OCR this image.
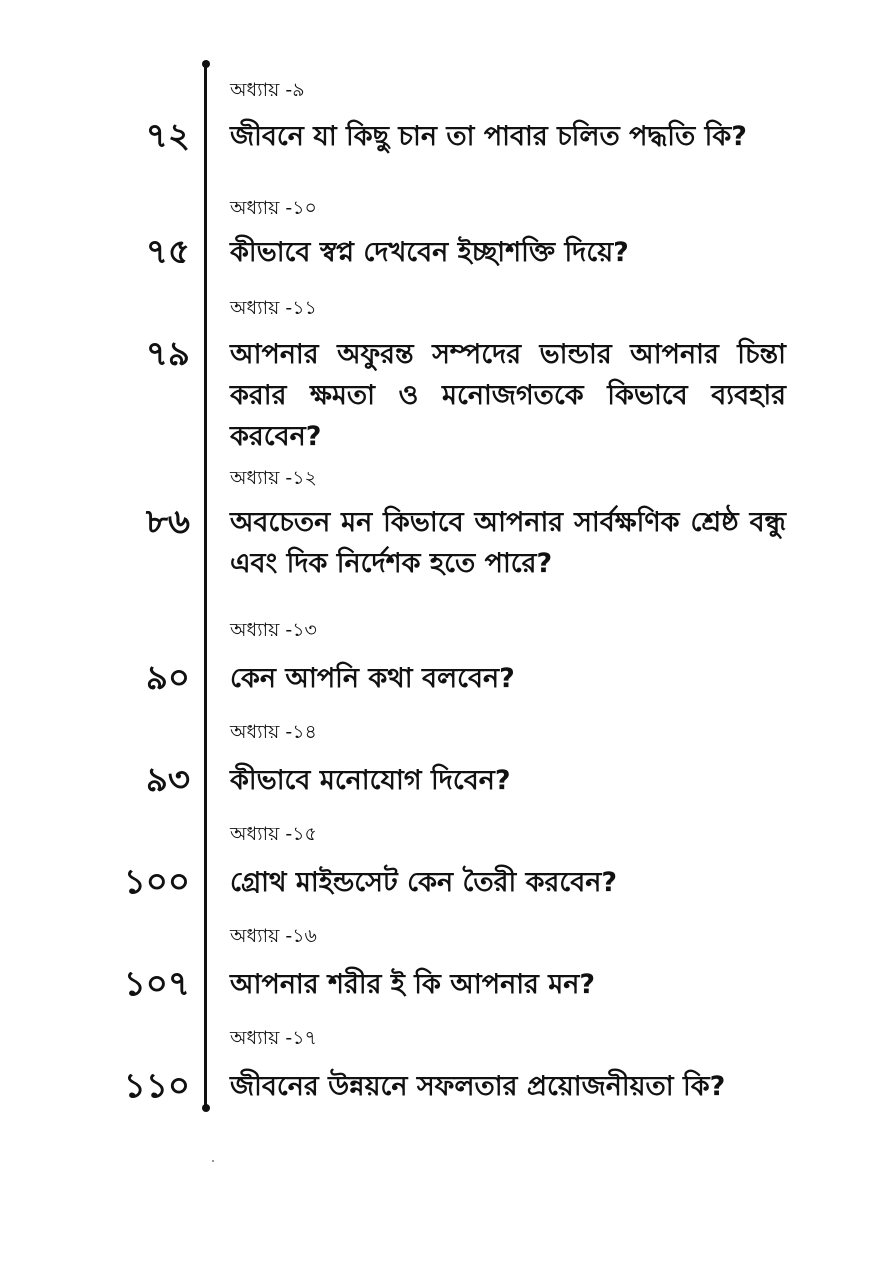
অধ্যায় -৯
৭২ জীবনে যা কিছু চান তা পাবার চলিত পদ্ধতি কি?
অধ্যায় -১০
৭৫ কীভাবে স্বপ্ন দেখবেন ইচ্ছাশক্তি দিয়ে?
অধ্যায় -১১
৭৯ আপনার অফুরন্ত সম্পদের ভান্ডার আপনার চিন্তা করার ক্ষমতা ও মনোজগতকে কিভাবে ব্যবহার করবেন?
অধ্যায় -১২
৮৬ অবচেতন মন কিভাবে আপনার সার্বক্ষণিক শ্রেষ্ঠ বন্ধু এবং দিক নির্দেশক হতে পারে?
অধ্যায় -১৩
৯০ কেন আপনি কথা বলবেন?
অধ্যায় -১৪
৯৩ কীভাবে মনোযোগ দিবেন?
অধ্যায় -১৫
১০০ গ্রোথ মাইন্ডসেট কেন তৈরী করবেন?
অধ্যায় -১৬
১০৭ আপনার শরীর ই কি আপনার মন?
অধ্যায় -১৭
১১০ জীবনের উন্নয়নে সফলতার প্রয়োজনীয়তা কি?
